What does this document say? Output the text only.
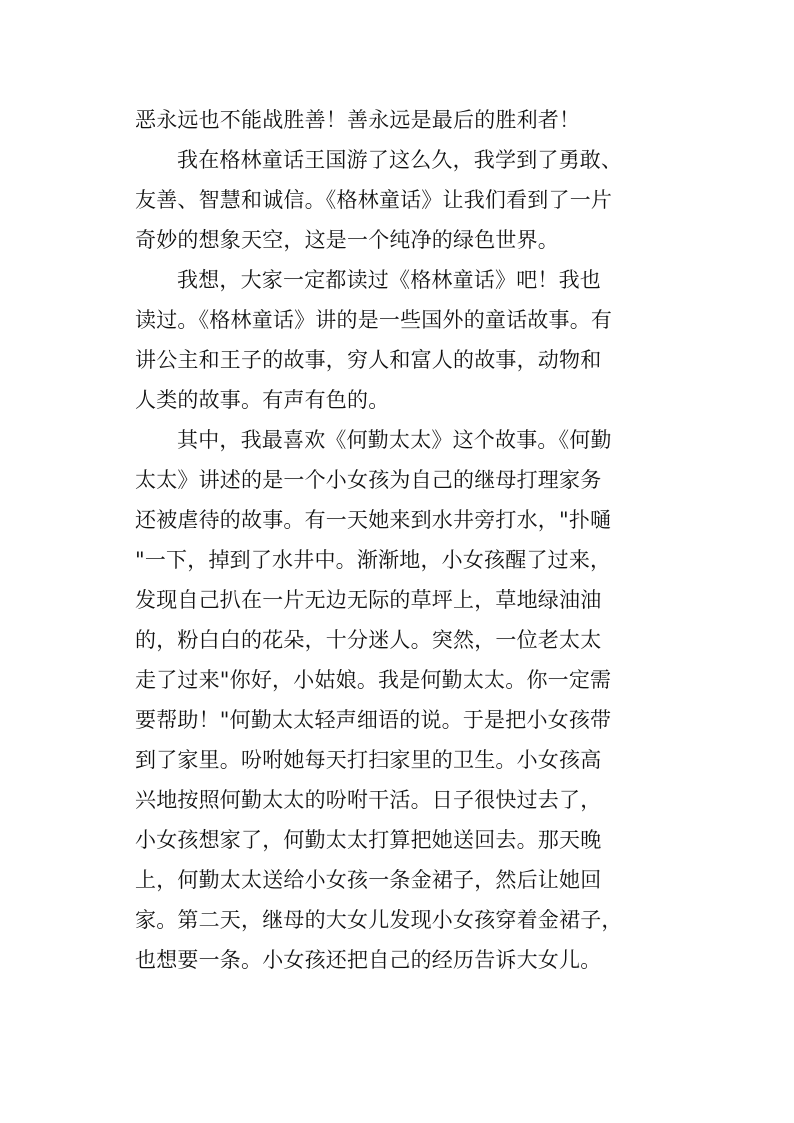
恶永远也不能战胜善！善永远是最后的胜利者！
我在格林童话王国游了这么久，我学到了勇敢、
友善、智慧和诚信。《格林童话》让我们看到了一片
奇妙的想象天空，这是一个纯净的绿色世界。
我想，大家一定都读过《格林童话》吧！我也
读过。《格林童话》讲的是一些国外的童话故事。有
讲公主和王子的故事，穷人和富人的故事，动物和
人类的故事。有声有色的。
其中，我最喜欢《何勤太太》这个故事。《何勤
太太》讲述的是一个小女孩为自己的继母打理家务
还被虐待的故事。有一天她来到水井旁打水，"扑嗵
"一下，掉到了水井中。渐渐地，小女孩醒了过来，
发现自己扒在一片无边无际的草坪上，草地绿油油
的，粉白白的花朵，十分迷人。突然，一位老太太
走了过来"你好，小姑娘。我是何勤太太。你一定需
要帮助！"何勤太太轻声细语的说。于是把小女孩带
到了家里。吩咐她每天打扫家里的卫生。小女孩高
兴地按照何勤太太的吩咐干活。日子很快过去了，
小女孩想家了，何勤太太打算把她送回去。那天晚
上，何勤太太送给小女孩一条金裙子，然后让她回
家。第二天，继母的大女儿发现小女孩穿着金裙子，
也想要一条。小女孩还把自己的经历告诉大女儿。
